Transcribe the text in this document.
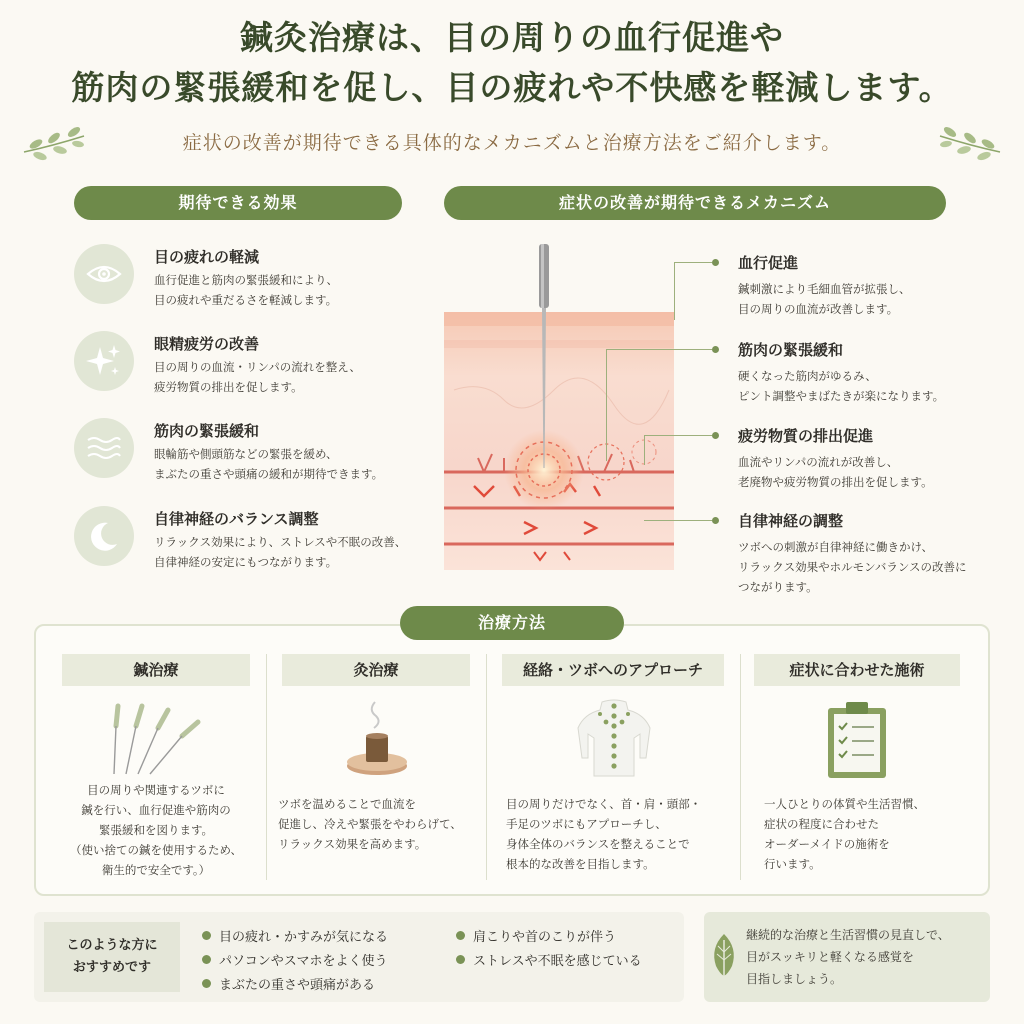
鍼灸治療は、目の周りの血行促進や
筋肉の緊張緩和を促し、目の疲れや不快感を軽減します。
症状の改善が期待できる具体的なメカニズムと治療方法をご紹介します。
期待できる効果
目の疲れの軽減

血行促進と筋肉の緊張緩和により、
目の疲れや重だるさを軽減します。

眼精疲労の改善

目の周りの血流・リンパの流れを整え、
疲労物質の排出を促します。

筋肉の緊張緩和

眼輪筋や側頭筋などの緊張を緩め、
まぶたの重さや頭痛の緩和が期待できます。

自律神経のバランス調整

リラックス効果により、ストレスや不眠の改善、
自律神経の安定にもつながります。

症状の改善が期待できるメカニズム
血行促進

鍼刺激により毛細血管が拡張し、
目の周りの血流が改善します。

筋肉の緊張緩和

硬くなった筋肉がゆるみ、
ピント調整やまばたきが楽になります。

疲労物質の排出促進

血流やリンパの流れが改善し、
老廃物や疲労物質の排出を促します。

自律神経の調整

ツボへの刺激が自律神経に働きかけ、
リラックス効果やホルモンバランスの改善に
つながります。

治療方法
鍼治療

目の周りや関連するツボに
鍼を行い、血行促進や筋肉の
緊張緩和を図ります。
（使い捨ての鍼を使用するため、
衛生的で安全です。）

灸治療

ツボを温めることで血流を
促進し、冷えや緊張をやわらげて、
リラックス効果を高めます。

経絡・ツボへのアプローチ

目の周りだけでなく、首・肩・頭部・
手足のツボにもアプローチし、
身体全体のバランスを整えることで
根本的な改善を目指します。

症状に合わせた施術

一人ひとりの体質や生活習慣、
症状の程度に合わせた
オーダーメイドの施術を
行います。

このような方に
おすすめです
目の疲れ・かすみが気になる
パソコンやスマホをよく使う
まぶたの重さや頭痛がある
肩こりや首のこりが伴う
ストレスや不眠を感じている
継続的な治療と生活習慣の見直しで、
目がスッキリと軽くなる感覚を
目指しましょう。
